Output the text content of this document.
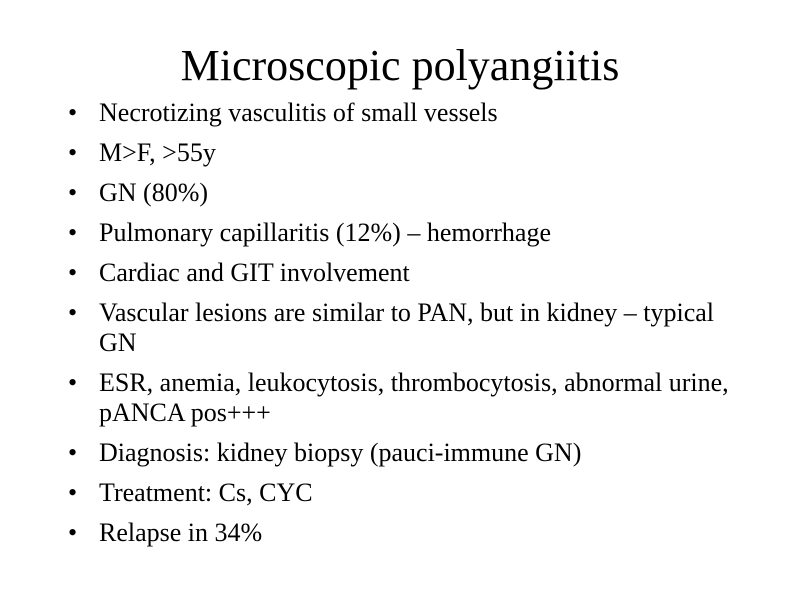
Microscopic polyangiitis
• Necrotizing vasculitis of small vessels
• M>F, >55y
• GN (80%)
• Pulmonary capillaritis (12%) – hemorrhage
• Cardiac and GIT involvement
• Vascular lesions are similar to PAN, but in kidney – typical GN
• ESR, anemia, leukocytosis, thrombocytosis, abnormal urine, pANCA pos+++
• Diagnosis: kidney biopsy (pauci-immune GN)
• Treatment: Cs, CYC
• Relapse in 34%
